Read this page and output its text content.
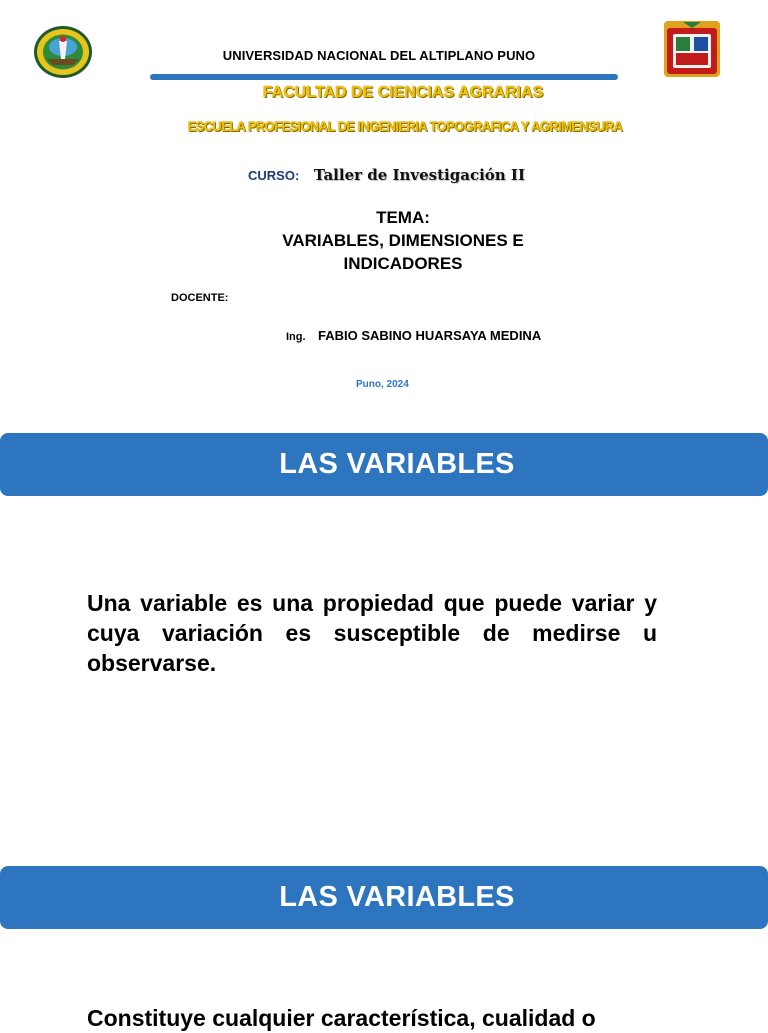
UNIVERSIDAD NACIONAL DEL ALTIPLANO PUNO
FACULTAD DE CIENCIAS AGRARIAS
ESCUELA PROFESIONAL DE INGENIERIA TOPOGRAFICA Y AGRIMENSURA
CURSO: Taller de Investigación II
TEMA:
VARIABLES, DIMENSIONES E
INDICADORES
DOCENTE:
Ing. FABIO SABINO HUARSAYA MEDINA
Puno, 2024
LAS VARIABLES
Una variable es una propiedad que puede variar y cuya variación es susceptible de medirse u observarse.
LAS VARIABLES
Constituye cualquier característica, cualidad o
